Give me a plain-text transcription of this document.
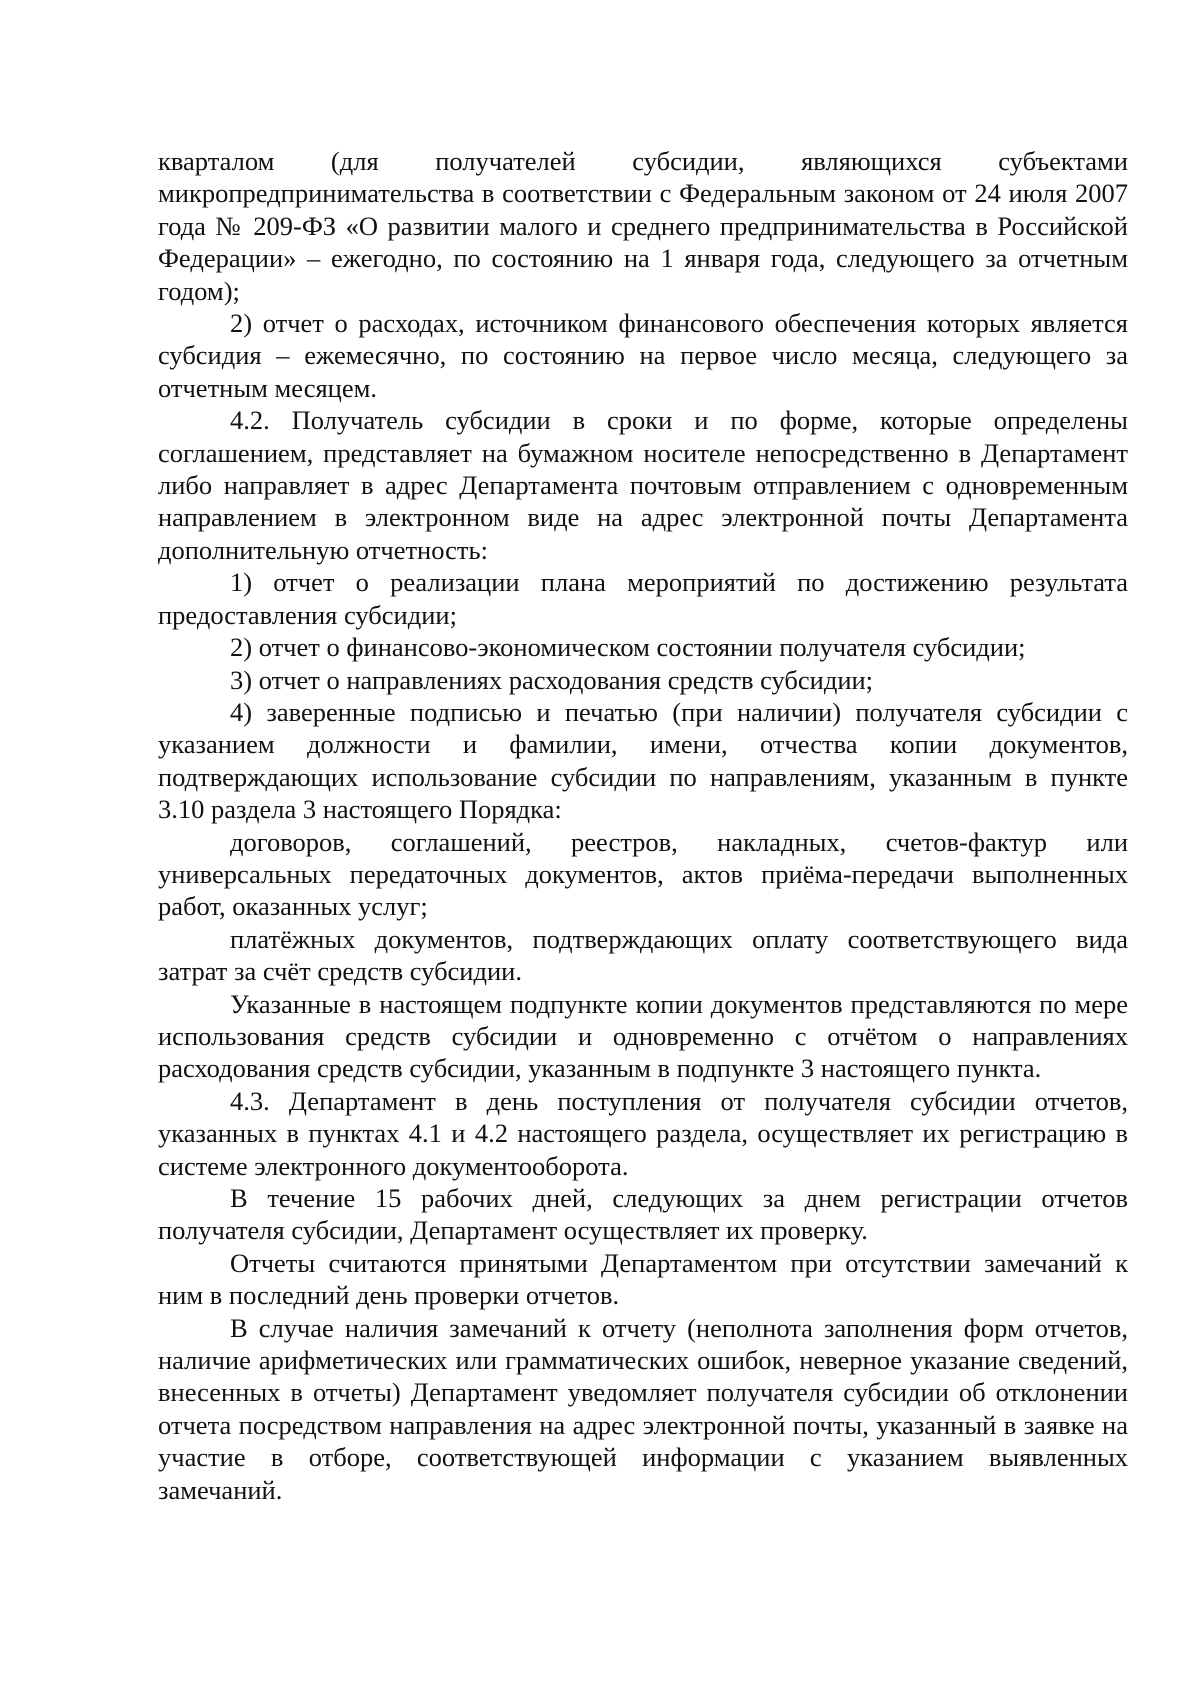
кварталом (для получателей субсидии, являющихся субъектами микропредпринимательства в соответствии с Федеральным законом от 24 июля 2007 года № 209-ФЗ «О развитии малого и среднего предпринимательства в Российской Федерации» – ежегодно, по состоянию на 1 января года, следующего за отчетным годом);

2) отчет о расходах, источником финансового обеспечения которых является субсидия – ежемесячно, по состоянию на первое число месяца, следующего за отчетным месяцем.

4.2. Получатель субсидии в сроки и по форме, которые определены соглашением, представляет на бумажном носителе непосредственно в Департамент либо направляет в адрес Департамента почтовым отправлением с одновременным направлением в электронном виде на адрес электронной почты Департамента дополнительную отчетность:

1) отчет о реализации плана мероприятий по достижению результата предоставления субсидии;

2) отчет о финансово-экономическом состоянии получателя субсидии;

3) отчет о направлениях расходования средств субсидии;

4) заверенные подписью и печатью (при наличии) получателя субсидии с указанием должности и фамилии, имени, отчества копии документов, подтверждающих использование субсидии по направлениям, указанным в пункте 3.10 раздела 3 настоящего Порядка:

договоров, соглашений, реестров, накладных, счетов-фактур или универсальных передаточных документов, актов приёма-передачи выполненных работ, оказанных услуг;

платёжных документов, подтверждающих оплату соответствующего вида затрат за счёт средств субсидии.

Указанные в настоящем подпункте копии документов представляются по мере использования средств субсидии и одновременно с отчётом о направлениях расходования средств субсидии, указанным в подпункте 3 настоящего пункта.

4.3. Департамент в день поступления от получателя субсидии отчетов, указанных в пунктах 4.1 и 4.2 настоящего раздела, осуществляет их регистрацию в системе электронного документооборота.

В течение 15 рабочих дней, следующих за днем регистрации отчетов получателя субсидии, Департамент осуществляет их проверку.

Отчеты считаются принятыми Департаментом при отсутствии замечаний к ним в последний день проверки отчетов.

В случае наличия замечаний к отчету (неполнота заполнения форм отчетов, наличие арифметических или грамматических ошибок, неверное указание сведений, внесенных в отчеты) Департамент уведомляет получателя субсидии об отклонении отчета посредством направления на адрес электронной почты, указанный в заявке на участие в отборе, соответствующей информации с указанием выявленных замечаний.
